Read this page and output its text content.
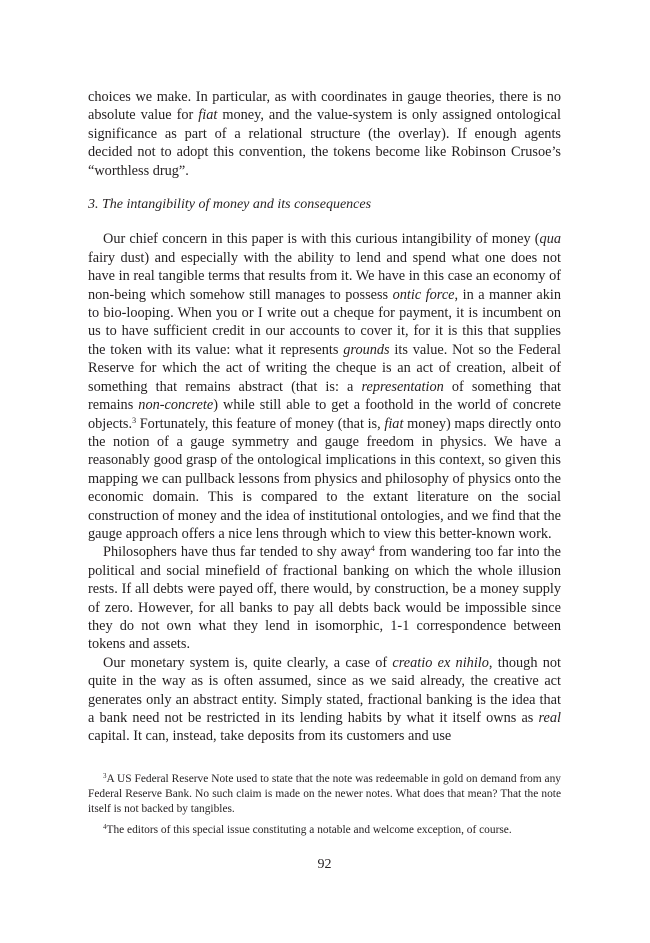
choices we make. In particular, as with coordinates in gauge theories, there is no absolute value for fiat money, and the value-system is only assigned ontological significance as part of a relational structure (the overlay). If enough agents decided not to adopt this convention, the tokens become like Robinson Crusoe’s “worthless drug”.

3. The intangibility of money and its consequences

Our chief concern in this paper is with this curious intangibility of money (qua fairy dust) and especially with the ability to lend and spend what one does not have in real tangible terms that results from it. We have in this case an economy of non-being which somehow still manages to possess ontic force, in a manner akin to bio-looping. When you or I write out a cheque for payment, it is incumbent on us to have sufficient credit in our accounts to cover it, for it is this that supplies the token with its value: what it represents grounds its value. Not so the Federal Reserve for which the act of writing the cheque is an act of creation, albeit of something that remains abstract (that is: a representation of something that remains non-concrete) while still able to get a foothold in the world of concrete objects.$^3$ Fortunately, this feature of money (that is, fiat money) maps directly onto the notion of a gauge symmetry and gauge freedom in physics. We have a reasonably good grasp of the ontological implications in this context, so given this mapping we can pullback lessons from physics and philosophy of physics onto the economic domain. This is compared to the extant literature on the social construction of money and the idea of institutional ontologies, and we find that the gauge approach offers a nice lens through which to view this better-known work.

Philosophers have thus far tended to shy away$^4$ from wandering too far into the political and social minefield of fractional banking on which the whole illusion rests. If all debts were payed off, there would, by construction, be a money supply of zero. However, for all banks to pay all debts back would be impossible since they do not own what they lend in isomorphic, 1-1 correspondence between tokens and assets.

Our monetary system is, quite clearly, a case of creatio ex nihilo, though not quite in the way as is often assumed, since as we said already, the creative act generates only an abstract entity. Simply stated, fractional banking is the idea that a bank need not be restricted in its lending habits by what it itself owns as real capital. It can, instead, take deposits from its customers and use

$^3$A US Federal Reserve Note used to state that the note was redeemable in gold on demand from any Federal Reserve Bank. No such claim is made on the newer notes. What does that mean? That the note itself is not backed by tangibles.

$^4$The editors of this special issue constituting a notable and welcome exception, of course.

92
